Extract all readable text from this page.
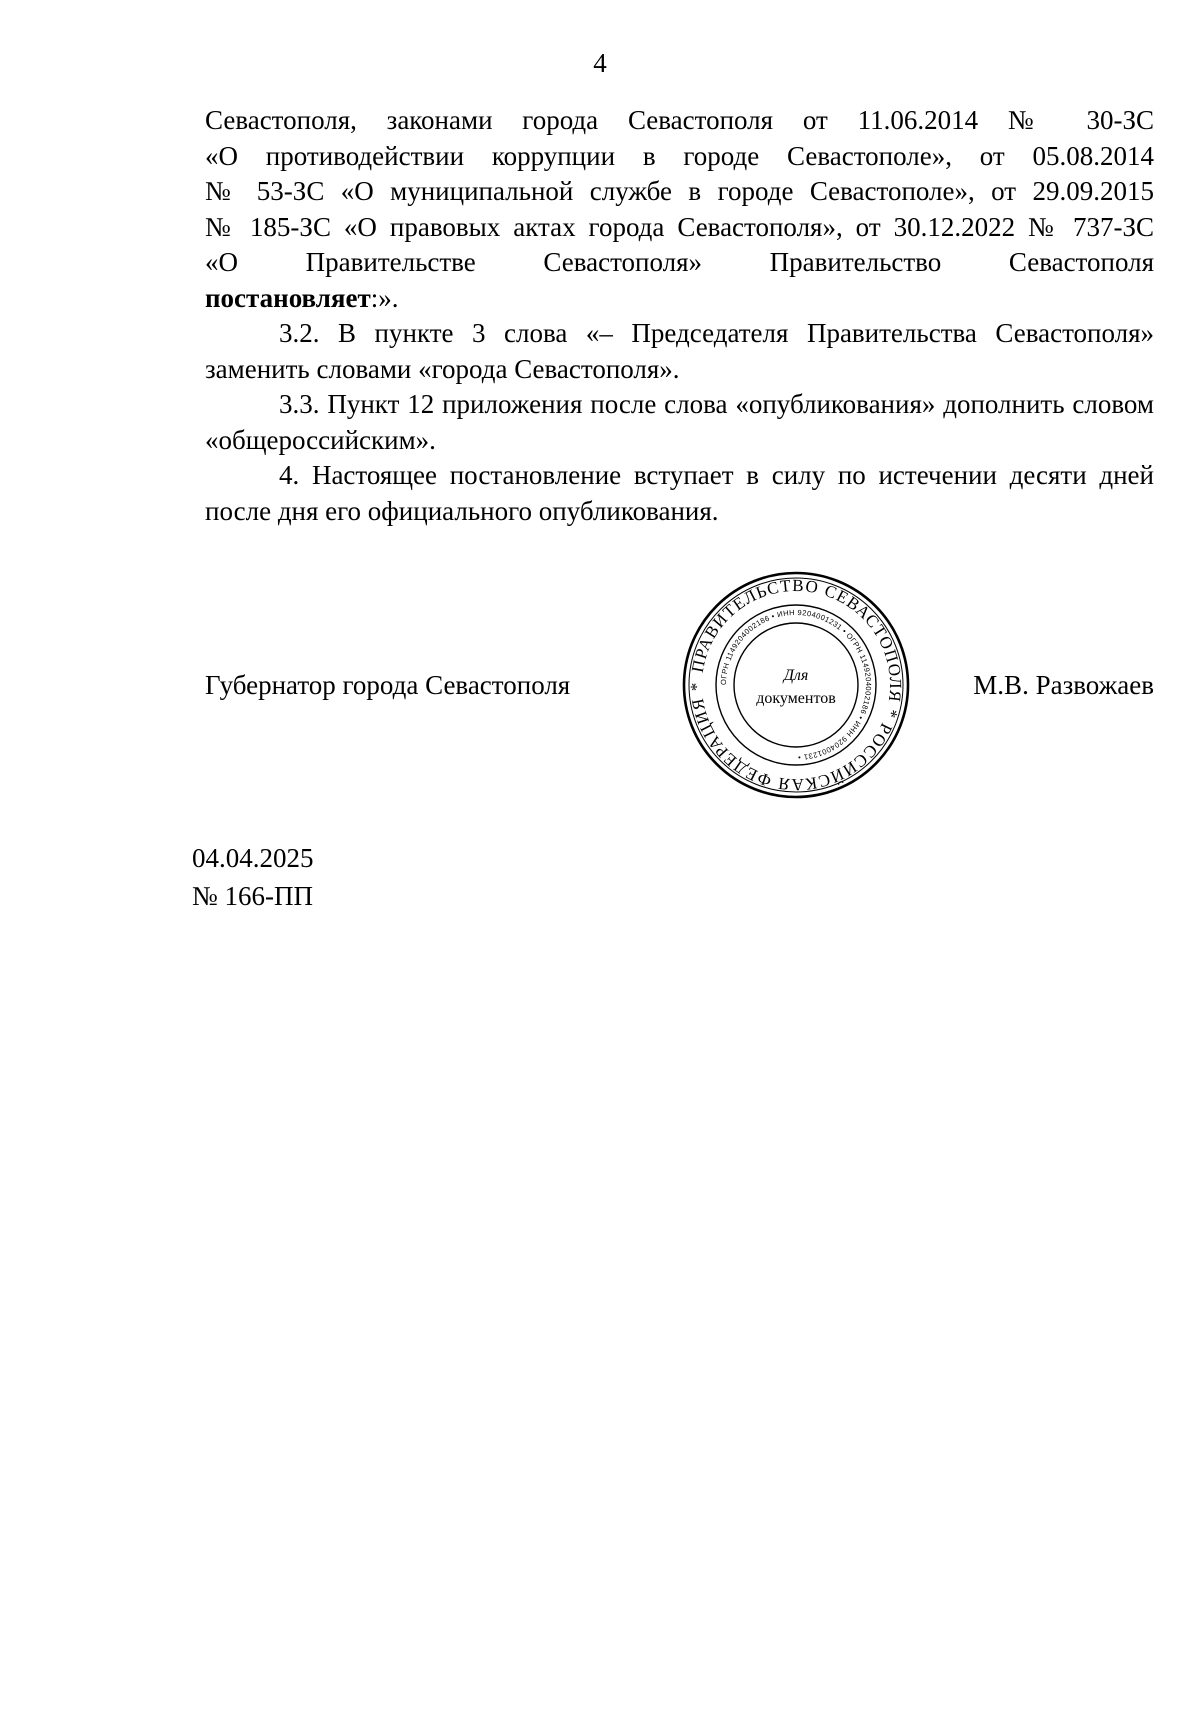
4

Севастополя, законами города Севастополя от 11.06.2014 № 30-ЗС
«О противодействии коррупции в городе Севастополе», от 05.08.2014
№ 53-ЗС «О муниципальной службе в городе Севастополе», от 29.09.2015
№ 185-ЗС «О правовых актах города Севастополя», от 30.12.2022 № 737-ЗС
«О Правительстве Севастополя» Правительство Севастополя
постановляет:».

3.2. В пункте 3 слова «– Председателя Правительства Севастополя» заменить словами «города Севастополя».

3.3. Пункт 12 приложения после слова «опубликования» дополнить словом «общероссийским».

4. Настоящее постановление вступает в силу по истечении десяти дней после дня его официального опубликования.

ПРАВИТЕЛЬСТВО СЕВАСТОПОЛЯ * РОССИЙСКАЯ ФЕДЕРАЦИЯ *	ОГРН 1149204002186 • ИНН 9204001231 • ОГРН 1149204002186 • ИНН 9204001231 •
Для
документов
Губернатор города Севастополя	М.В. Развожаев
04.04.2025
№ 166-ПП
